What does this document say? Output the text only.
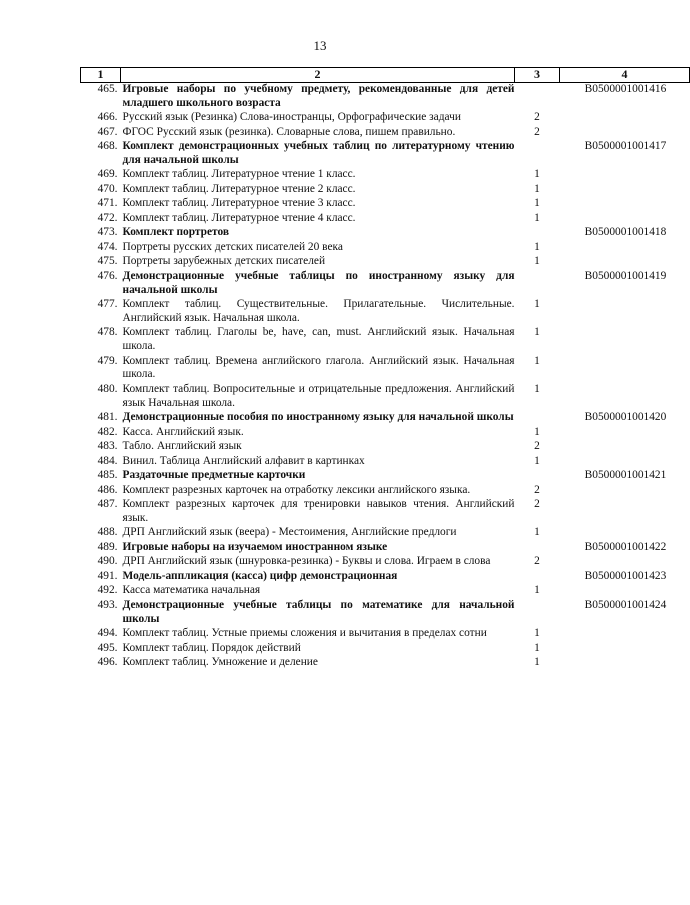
13
1	2	3	4
465.	Игровые наборы по учебному предмету, рекомендованные для детей младшего школьного возраста		B0500001001416
466.	Русский язык (Резинка) Слова-иностранцы, Орфографические задачи	2	
467.	ФГОС Русский язык (резинка). Словарные слова, пишем правильно.	2	
468.	Комплект демонстрационных учебных таблиц по литературному чтению для начальной школы		B0500001001417
469.	Комплект таблиц. Литературное чтение 1 класс.	1	
470.	Комплект таблиц. Литературное чтение 2 класс.	1	
471.	Комплект таблиц. Литературное чтение 3 класс.	1	
472.	Комплект таблиц. Литературное чтение 4 класс.	1	
473.	Комплект портретов		B0500001001418
474.	Портреты русских детских писателей 20 века	1	
475.	Портреты зарубежных детских писателей	1	
476.	Демонстрационные учебные таблицы по иностранному языку для начальной школы		B0500001001419
477.	Комплект таблиц. Существительные. Прилагательные. Числительные. Английский язык. Начальная школа.	1	
478.	Комплект таблиц. Глаголы be, have, can, must. Английский язык. Начальная школа.	1	
479.	Комплект таблиц. Времена английского глагола. Английский язык. Начальная школа.	1	
480.	Комплект таблиц. Вопросительные и отрицательные предложения. Английский язык Начальная школа.	1	
481.	Демонстрационные пособия по иностранному языку для начальной школы		B0500001001420
482.	Касса. Английский язык.	1	
483.	Табло. Английский язык	2	
484.	Винил. Таблица Английский алфавит в картинках	1	
485.	Раздаточные предметные карточки		B0500001001421
486.	Комплект разрезных карточек на отработку лексики английского языка.	2	
487.	Комплект разрезных карточек для тренировки навыков чтения. Английский язык.	2	
488.	ДРП Английский язык (веера) - Местоимения, Английские предлоги	1	
489.	Игровые наборы на изучаемом иностранном языке		B0500001001422
490.	ДРП Английский язык (шнуровка-резинка) - Буквы и слова. Играем в слова	2	
491.	Модель-аппликация (касса) цифр демонстрационная		B0500001001423
492.	Касса математика начальная	1	
493.	Демонстрационные учебные таблицы по математике для начальной школы		B0500001001424
494.	Комплект таблиц. Устные приемы сложения и вычитания в пределах сотни	1	
495.	Комплект таблиц. Порядок действий	1	
496.	Комплект таблиц. Умножение и деление	1	
